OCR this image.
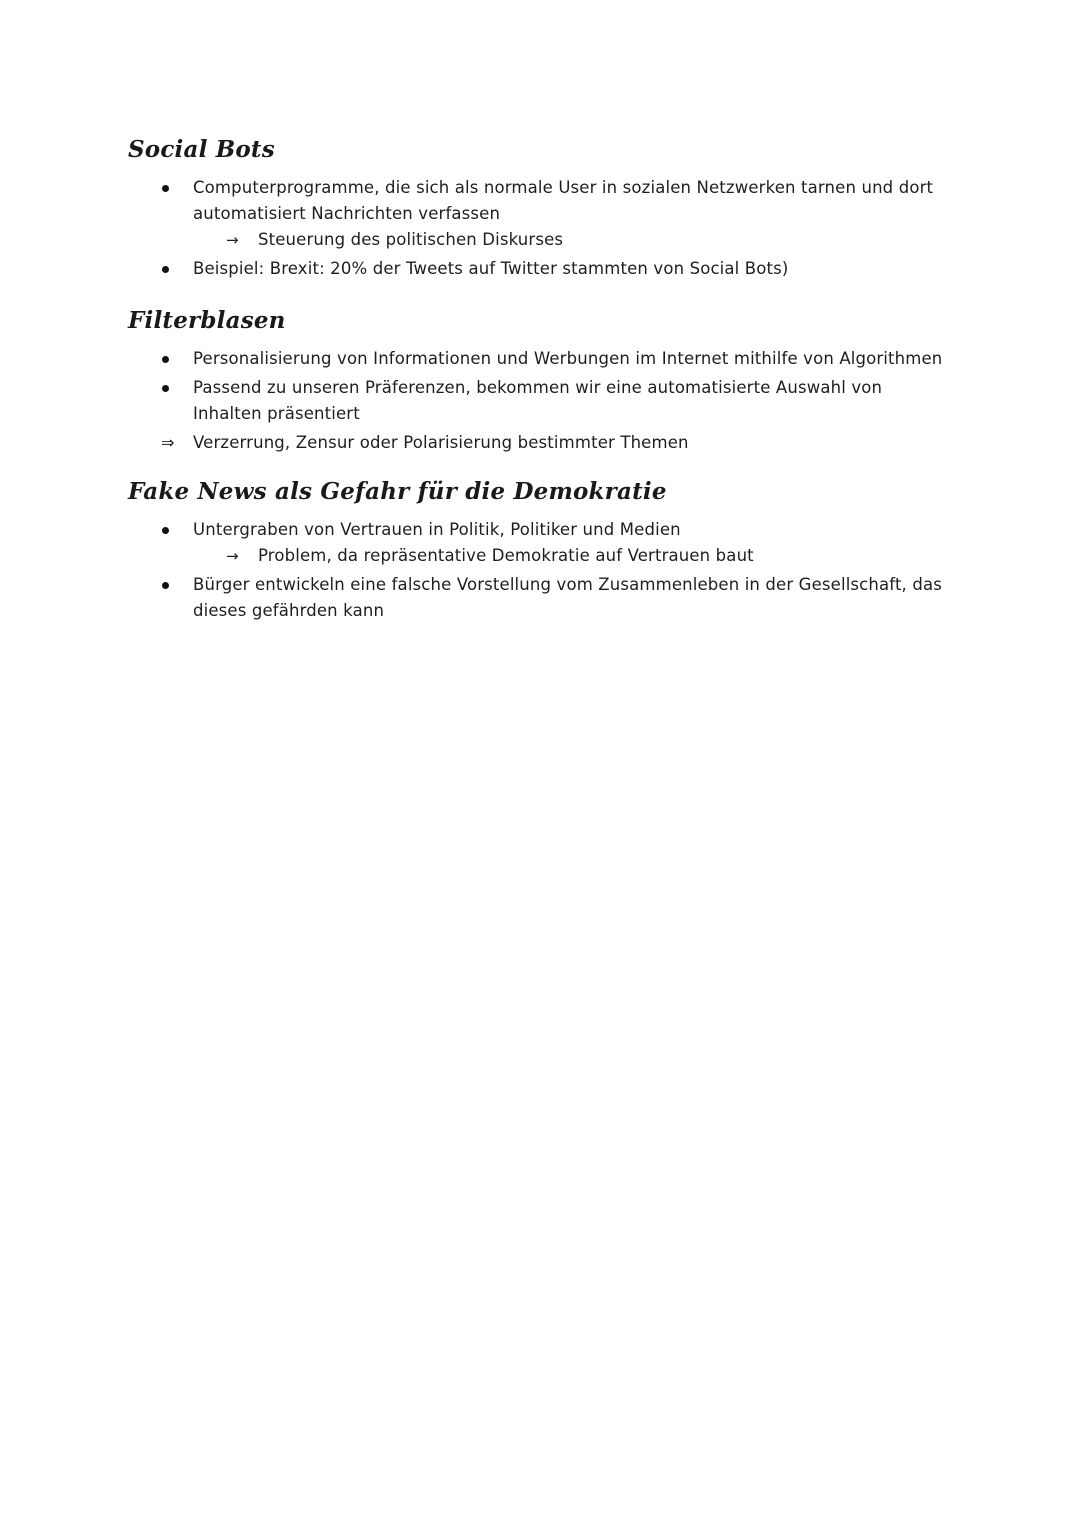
Social Bots
Computerprogramme, die sich als normale User in sozialen Netzwerken tarnen und dort
automatisiert Nachrichten verfassen
→ Steuerung des politischen Diskurses
Beispiel: Brexit: 20% der Tweets auf Twitter stammten von Social Bots)
Filterblasen
Personalisierung von Informationen und Werbungen im Internet mithilfe von Algorithmen
Passend zu unseren Präferenzen, bekommen wir eine automatisierte Auswahl von
Inhalten präsentiert
⇒ Verzerrung, Zensur oder Polarisierung bestimmter Themen
Fake News als Gefahr für die Demokratie
Untergraben von Vertrauen in Politik, Politiker und Medien
→ Problem, da repräsentative Demokratie auf Vertrauen baut
Bürger entwickeln eine falsche Vorstellung vom Zusammenleben in der Gesellschaft, das
dieses gefährden kann
